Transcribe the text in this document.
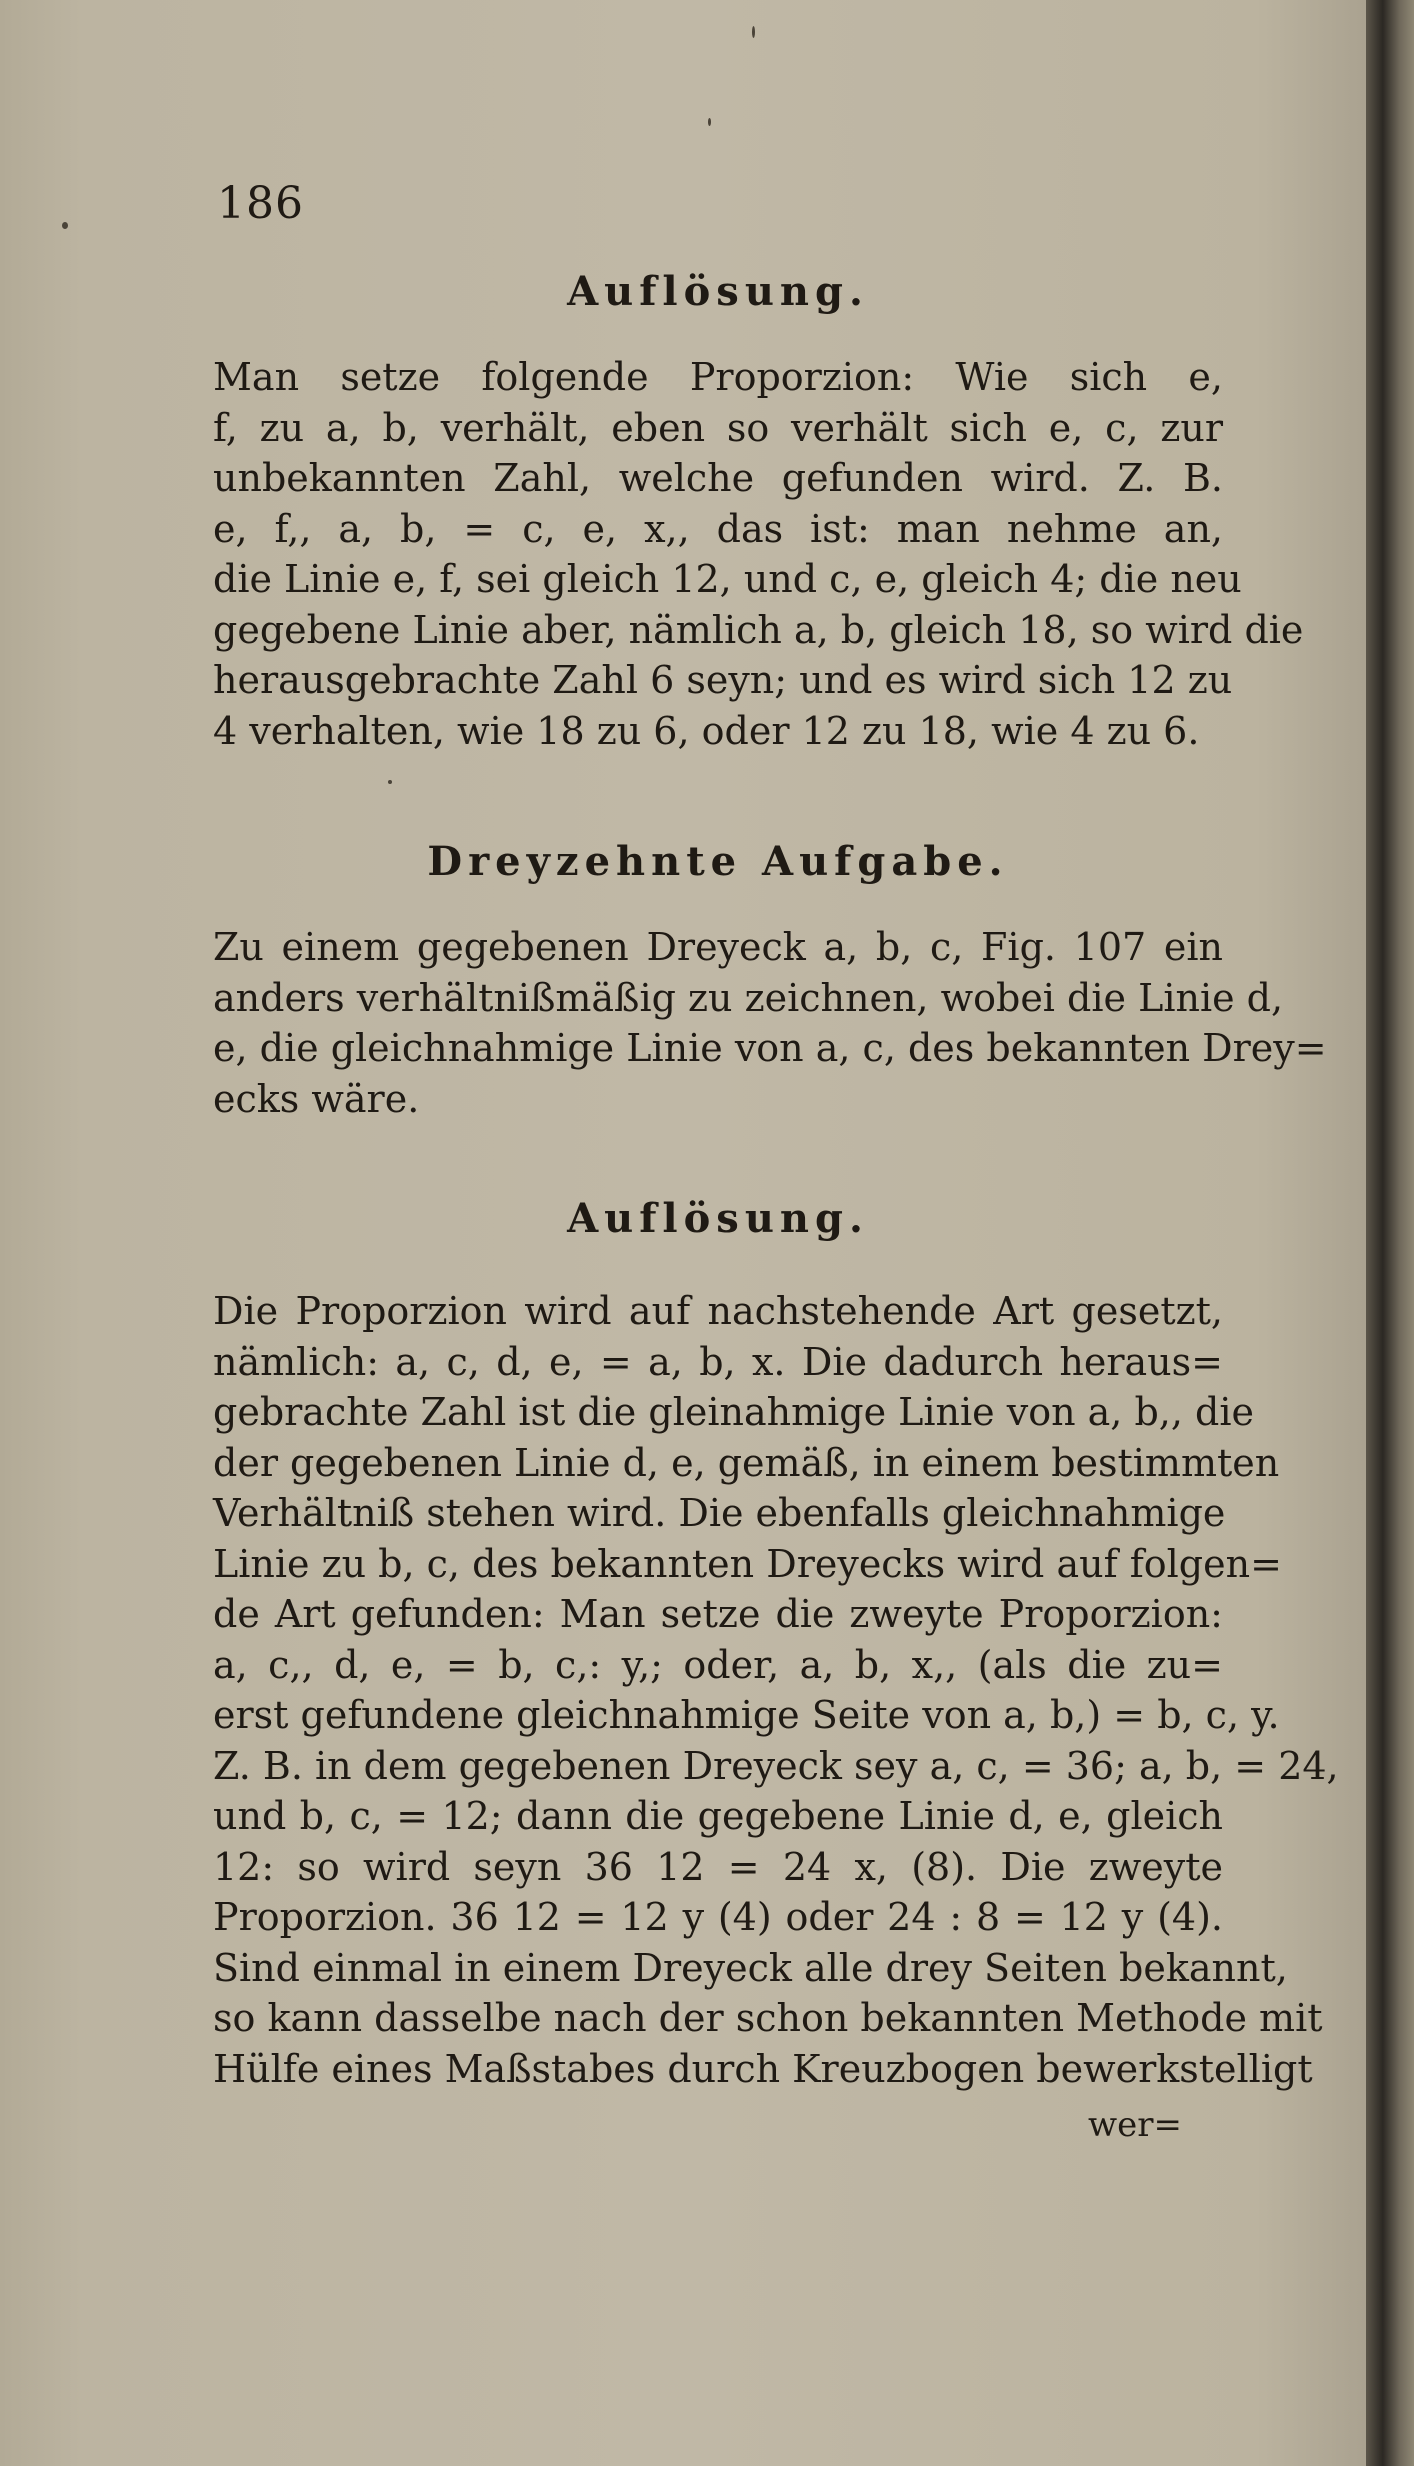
186
Auflösung.
Man setze folgende Proporzion: Wie sich e,
f, zu a, b, verhält, eben so verhält sich e, c, zur
unbekannten Zahl, welche gefunden wird. Z. B.
e, f,, a, b, = c, e, x,, das ist: man nehme an,
die Linie e, f, sei gleich 12, und c, e, gleich 4; die neu
gegebene Linie aber, nämlich a, b, gleich 18, so wird die
herausgebrachte Zahl 6 seyn; und es wird sich 12 zu
4 verhalten, wie 18 zu 6, oder 12 zu 18, wie 4 zu 6.
Dreyzehnte Aufgabe.
Zu einem gegebenen Dreyeck a, b, c, Fig. 107 ein
anders verhältnißmäßig zu zeichnen, wobei die Linie d,
e, die gleichnahmige Linie von a, c, des bekannten Drey=
ecks wäre.
Auflösung.
Die Proporzion wird auf nachstehende Art gesetzt,
nämlich: a, c, d, e, = a, b, x. Die dadurch heraus=
gebrachte Zahl ist die gleinahmige Linie von a, b,, die
der gegebenen Linie d, e, gemäß, in einem bestimmten
Verhältniß stehen wird. Die ebenfalls gleichnahmige
Linie zu b, c, des bekannten Dreyecks wird auf folgen=
de Art gefunden: Man setze die zweyte Proporzion:
a, c,, d, e, = b, c,: y,; oder, a, b, x,, (als die zu=
erst gefundene gleichnahmige Seite von a, b,) = b, c, y.
Z. B. in dem gegebenen Dreyeck sey a, c, = 36; a, b, = 24,
und b, c, = 12; dann die gegebene Linie d, e, gleich
12: so wird seyn 36 12 = 24 x, (8). Die zweyte
Proporzion. 36 12 = 12 y (4) oder 24 : 8 = 12 y (4).
Sind einmal in einem Dreyeck alle drey Seiten bekannt,
so kann dasselbe nach der schon bekannten Methode mit
Hülfe eines Maßstabes durch Kreuzbogen bewerkstelligt
wer=
